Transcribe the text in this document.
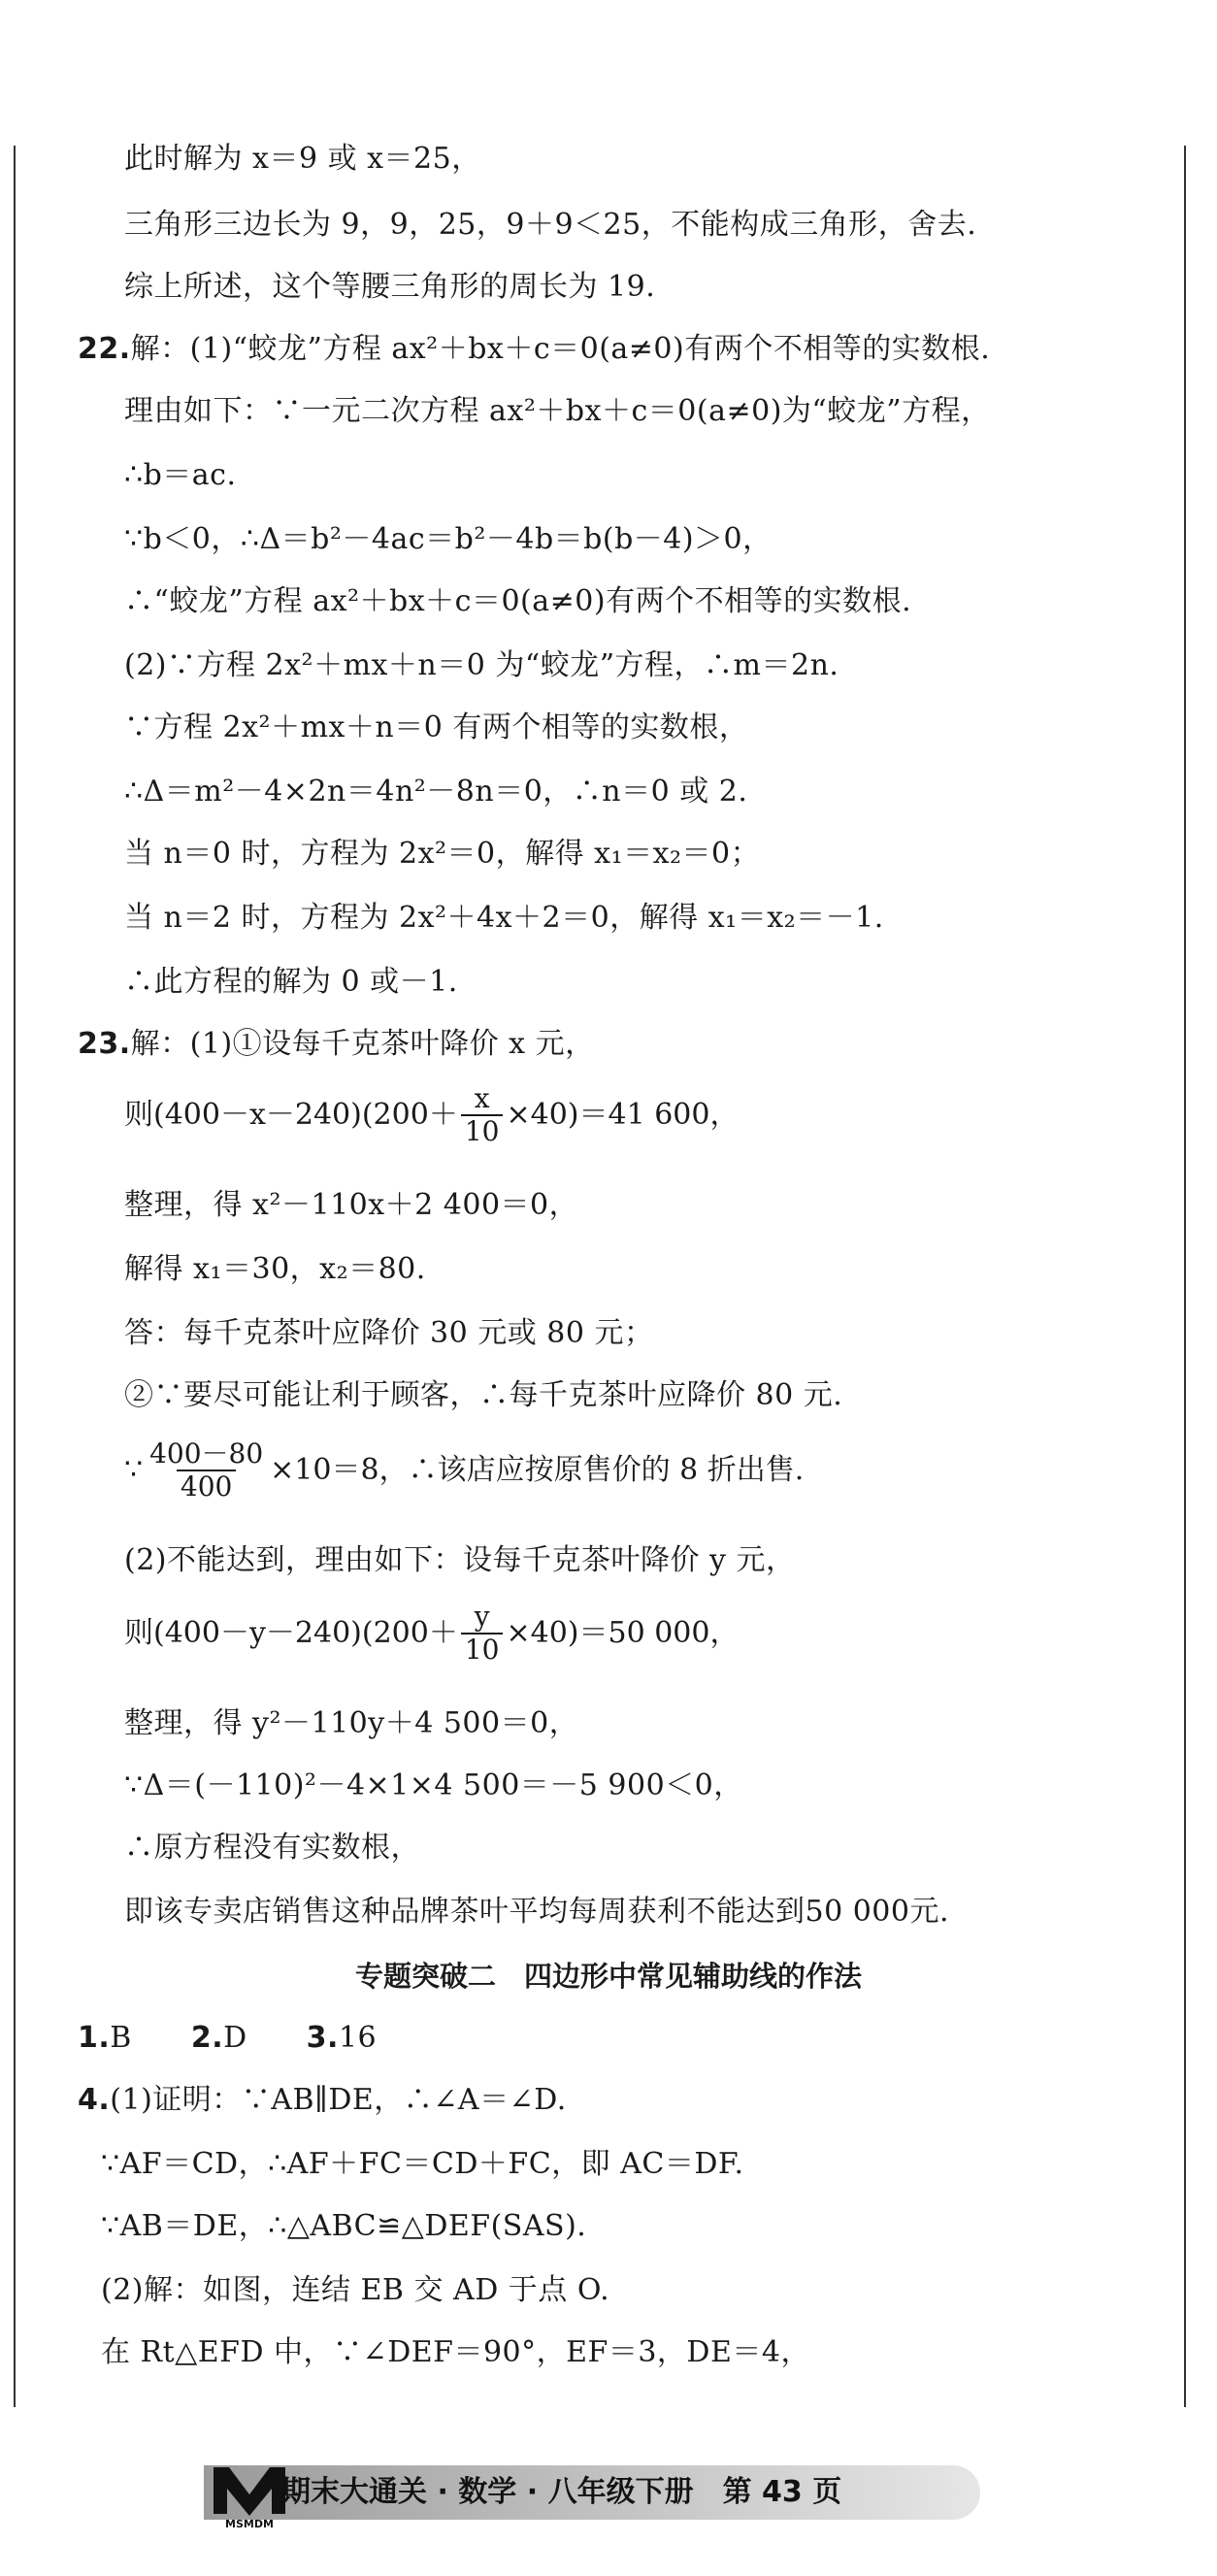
此时解为 x＝9 或 x＝25，
三角形三边长为 9，9，25，9＋9＜25，不能构成三角形，舍去.
综上所述，这个等腰三角形的周长为 19.
22.解：(1)“蛟龙”方程 ax²＋bx＋c＝0(a≠0)有两个不相等的实数根.
理由如下：∵一元二次方程 ax²＋bx＋c＝0(a≠0)为“蛟龙”方程，
∴b＝ac.
∵b＜0，∴Δ＝b²－4ac＝b²－4b＝b(b－4)＞0，
∴“蛟龙”方程 ax²＋bx＋c＝0(a≠0)有两个不相等的实数根.
(2)∵方程 2x²＋mx＋n＝0 为“蛟龙”方程，∴m＝2n.
∵方程 2x²＋mx＋n＝0 有两个相等的实数根，
∴Δ＝m²－4×2n＝4n²－8n＝0，∴n＝0 或 2.
当 n＝0 时，方程为 2x²＝0，解得 x₁＝x₂＝0；
当 n＝2 时，方程为 2x²＋4x＋2＝0，解得 x₁＝x₂＝－1.
∴此方程的解为 0 或－1.
23.解：(1)①设每千克茶叶降价 x 元，
则$(400-x-240)(200+ \frac{x}{10} \times 40)=41$ 600，
整理，得 x²－110x＋2 400＝0，
解得 x₁＝30，x₂＝80.
答：每千克茶叶应降价 30 元或 80 元；
②∵要尽可能让利于顾客，∴每千克茶叶应降价 80 元.
∵ $\frac{400-80}{400} \times 10=8$，∴该店应按原售价的 8 折出售.
(2)不能达到，理由如下：设每千克茶叶降价 y 元，
则$(400-y-240)(200+ \frac{y}{10} \times 40)=50$ 000，
整理，得 y²－110y＋4 500＝0，
∵Δ＝(－110)²－4×1×4 500＝－5 900＜0，
∴原方程没有实数根，
即该专卖店销售这种品牌茶叶平均每周获利不能达到50 000元.
专题突破二　四边形中常见辅助线的作法
1.B　　 2.D　　 3.16
4.(1)证明：∵AB∥DE，∴∠A＝∠D.
∵AF＝CD，∴AF＋FC＝CD＋FC，即 AC＝DF.
∵AB＝DE，∴△ABC≌△DEF(SAS).
(2)解：如图，连结 EB 交 AD 于点 O.
在 Rt△EFD 中，∵∠DEF＝90°，EF＝3，DE＝4，
MSMDM
期末大通关 · 数学 · 八年级下册　第 43 页
